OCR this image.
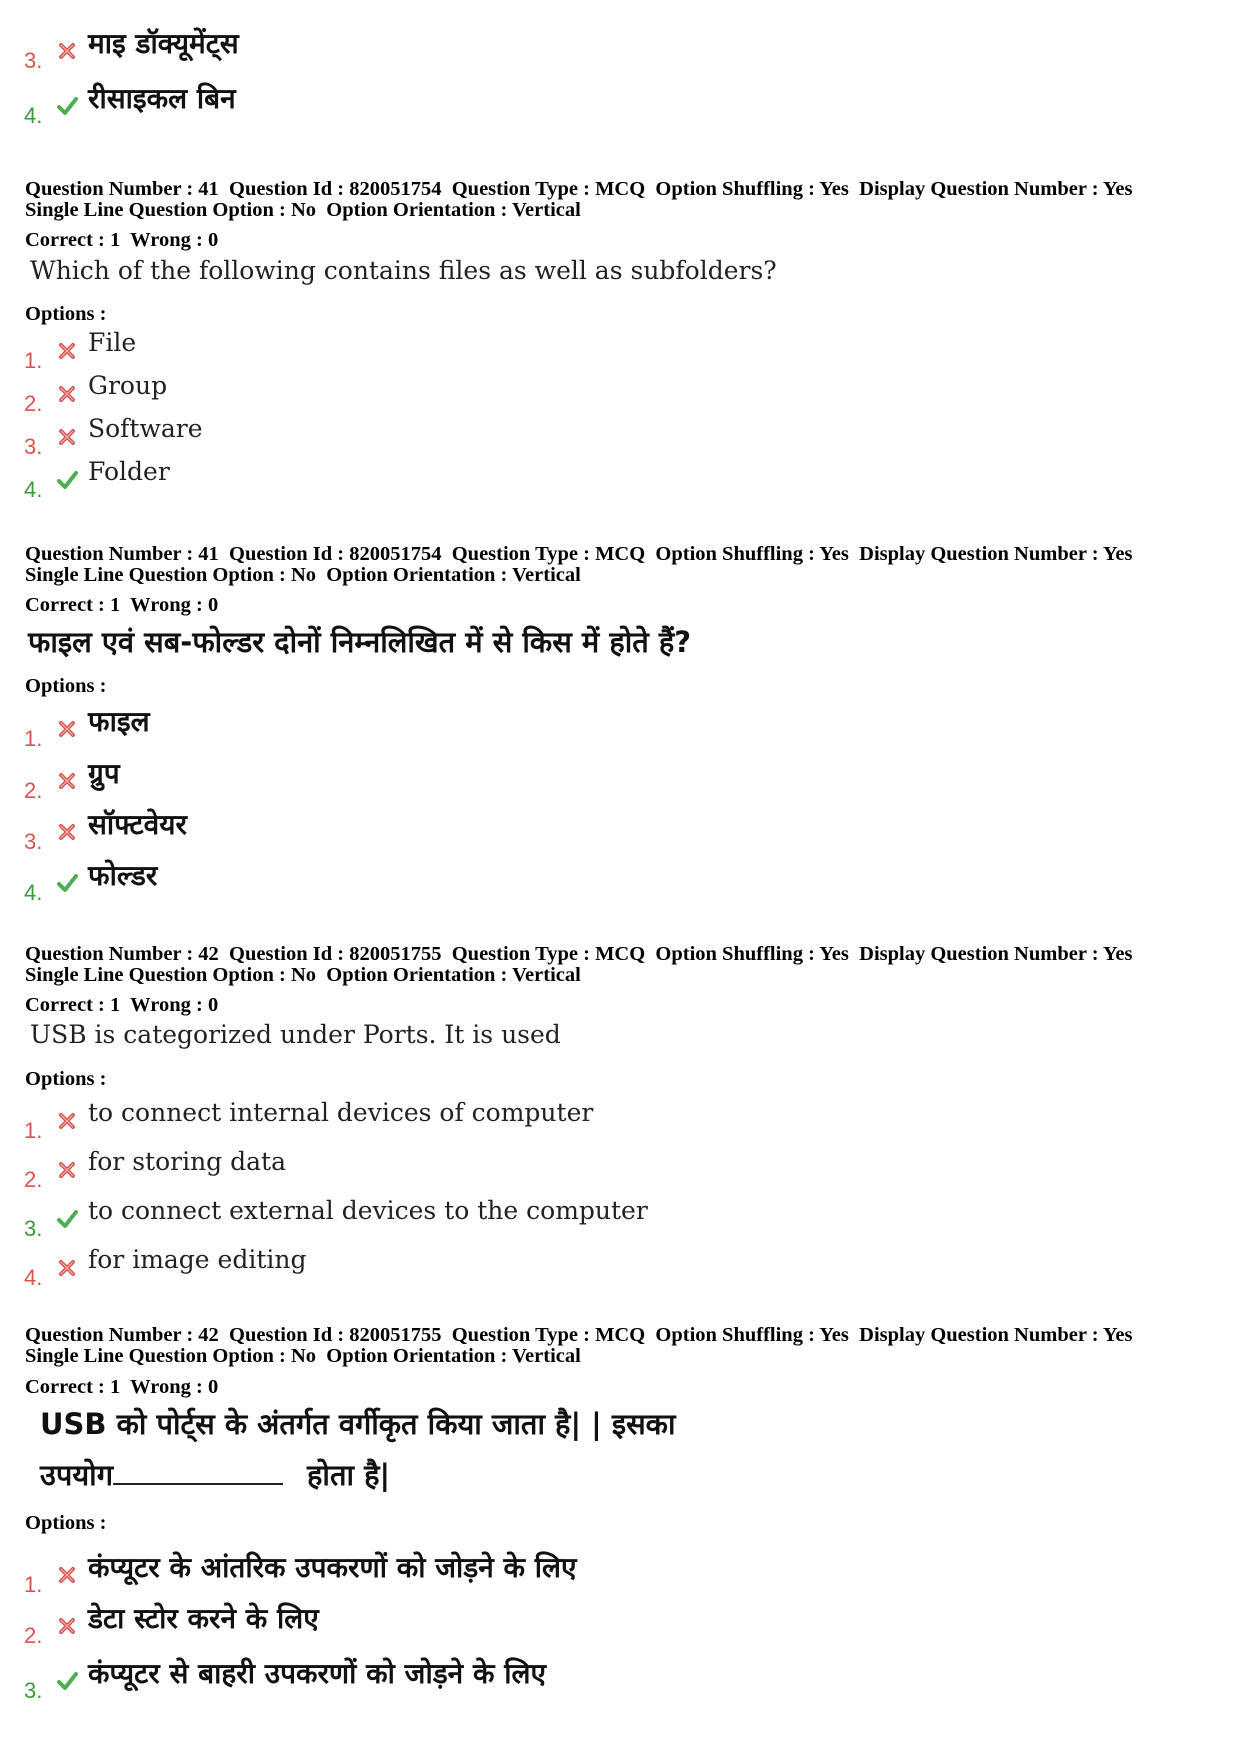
3.
माइ डॉक्यूमेंट्स
4.
रीसाइकल बिन
Question Number : 41  Question Id : 820051754  Question Type : MCQ  Option Shuffling : Yes  Display Question Number : Yes
Single Line Question Option : No  Option Orientation : Vertical
Correct : 1  Wrong : 0
Which of the following contains files as well as subfolders?
Options :
1.
File
2.
Group
3.
Software
4.
Folder
Question Number : 41  Question Id : 820051754  Question Type : MCQ  Option Shuffling : Yes  Display Question Number : Yes
Single Line Question Option : No  Option Orientation : Vertical
Correct : 1  Wrong : 0
फाइल एवं सब-फोल्डर दोनों निम्नलिखित में से किस में होते हैं?
Options :
1.
फाइल
2.
ग्रुप
3.
सॉफ्टवेयर
4.
फोल्डर
Question Number : 42  Question Id : 820051755  Question Type : MCQ  Option Shuffling : Yes  Display Question Number : Yes
Single Line Question Option : No  Option Orientation : Vertical
Correct : 1  Wrong : 0
USB is categorized under Ports. It is used
Options :
1.
to connect internal devices of computer
2.
for storing data
3.
to connect external devices to the computer
4.
for image editing
Question Number : 42  Question Id : 820051755  Question Type : MCQ  Option Shuffling : Yes  Display Question Number : Yes
Single Line Question Option : No  Option Orientation : Vertical
Correct : 1  Wrong : 0
USB को पोर्ट्स के अंतर्गत वर्गीकृत किया जाता है| | इसका
उपयोग	होता है|
Options :
1.
कंप्यूटर के आंतरिक उपकरणों को जोड़ने के लिए
2.
डेटा स्टोर करने के लिए
3.
कंप्यूटर से बाहरी उपकरणों को जोड़ने के लिए
